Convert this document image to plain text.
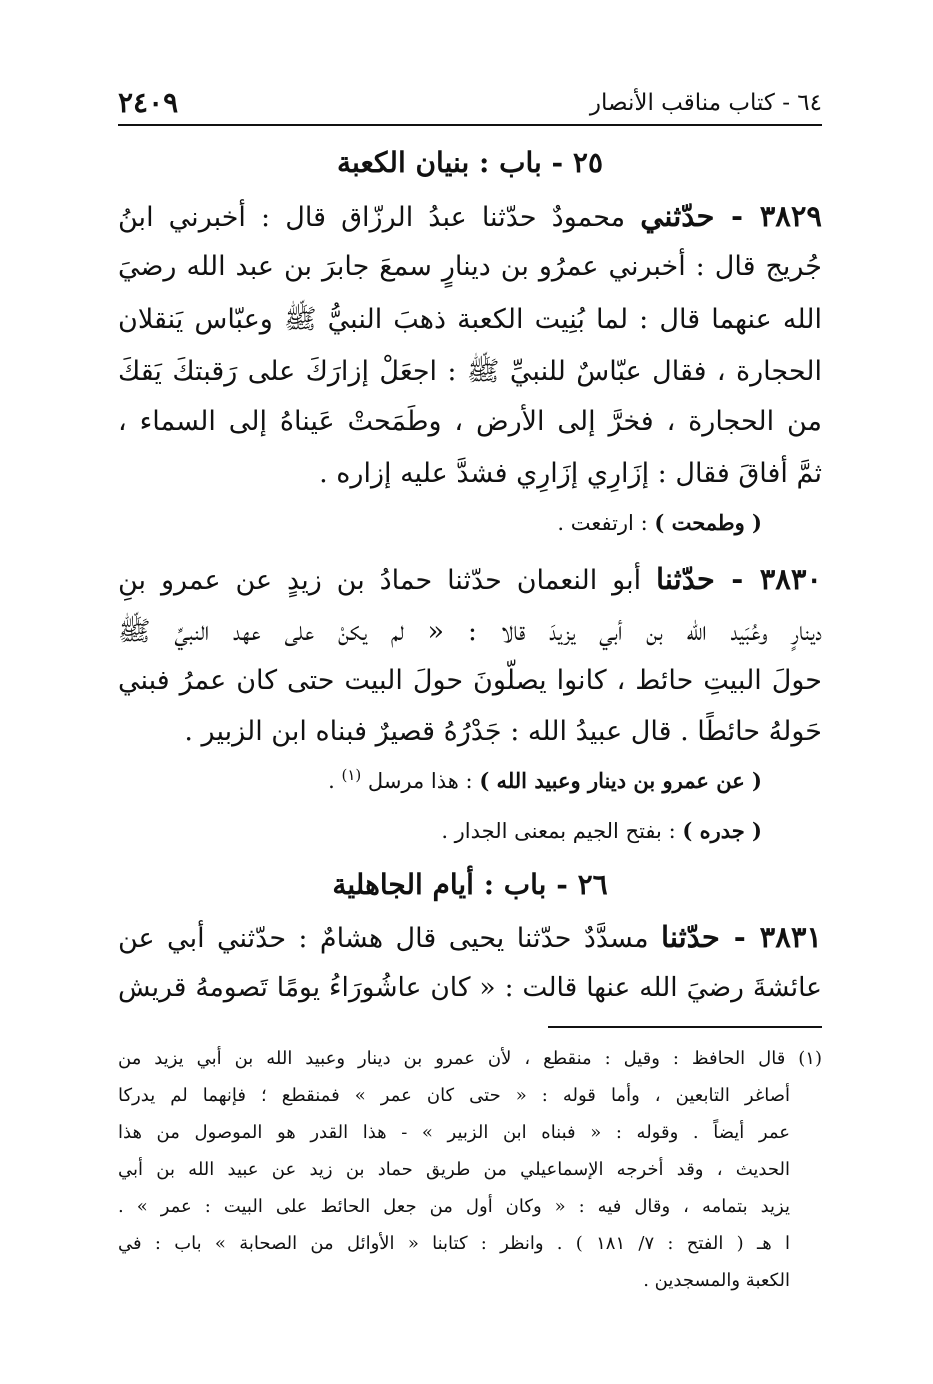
٦٤ - كتاب مناقب الأنصار
٢٤٠٩
٢٥ - باب : بنيان الكعبة
٣٨٢٩ - حدّثني محمودٌ حدّثنا عبدُ الرزّاق قال : أخبرني ابنُ
جُريج قال : أخبرني عمرُو بن دينارٍ سمعَ جابرَ بن عبد الله رضيَ
الله عنهما قال : لما بُنِيت الكعبة ذهبَ النبيُّ ﷺ وعبّاس يَنقلان
الحجارة ، فقال عبّاسٌ للنبيِّ ﷺ : اجعَلْ إزارَكَ على رَقبتكَ يَقكَ
من الحجارة ، فخرَّ إلى الأرض ، وطَمَحتْ عَيناهُ إلى السماء ،
ثمَّ أفاقَ فقال : إزَارِي إزَارِي فشدَّ عليه إزاره .
( وطمحت ) : ارتفعت .
٣٨٣٠ - حدّثنا أبو النعمان حدّثنا حمادُ بن زيدٍ عن عمرو بنِ
دينارٍ وعُبَيد الله بن أبي يزيدَ قالا : « لم يكنْ على عهد النبيِّ ﷺ
حولَ البيتِ حائط ، كانوا يصلّونَ حولَ البيت حتى كان عمرُ فبني
حَولهُ حائطًا . قال عبيدُ الله : جَدْرُهُ قصيرٌ فبناه ابن الزبير .
( عن عمرو بن دينار وعبيد الله ) : هذا مرسل $^{(١)}$ .
( جدره ) : بفتح الجيم بمعنى الجدار .
٢٦ - باب : أيام الجاهلية
٣٨٣١ - حدّثنا مسدَّدٌ حدّثنا يحيى قال هشامٌ : حدّثني أبي عن
عائشةَ رضيَ الله عنها قالت : « كان عاشُورَاءُ يومًا تَصومهُ قريش
(١) قال الحافظ : وقيل : منقطع ، لأن عمرو بن دينار وعبيد الله بن أبي يزيد من
أصاغر التابعين ، وأما قوله : « حتى كان عمر » فمنقطع ؛ فإنهما لم يدركا
عمر أيضاً . وقوله : « فبناه ابن الزبير » - هذا القدر هو الموصول من هذا
الحديث ، وقد أخرجه الإسماعيلي من طريق حماد بن زيد عن عبيد الله بن أبي
يزيد بتمامه ، وقال فيه : « وكان أول من جعل الحائط على البيت : عمر » .
ا هـ ( الفتح : ٧/ ١٨١ ) . وانظر : كتابنا « الأوائل من الصحابة » باب : في
الكعبة والمسجدين .
